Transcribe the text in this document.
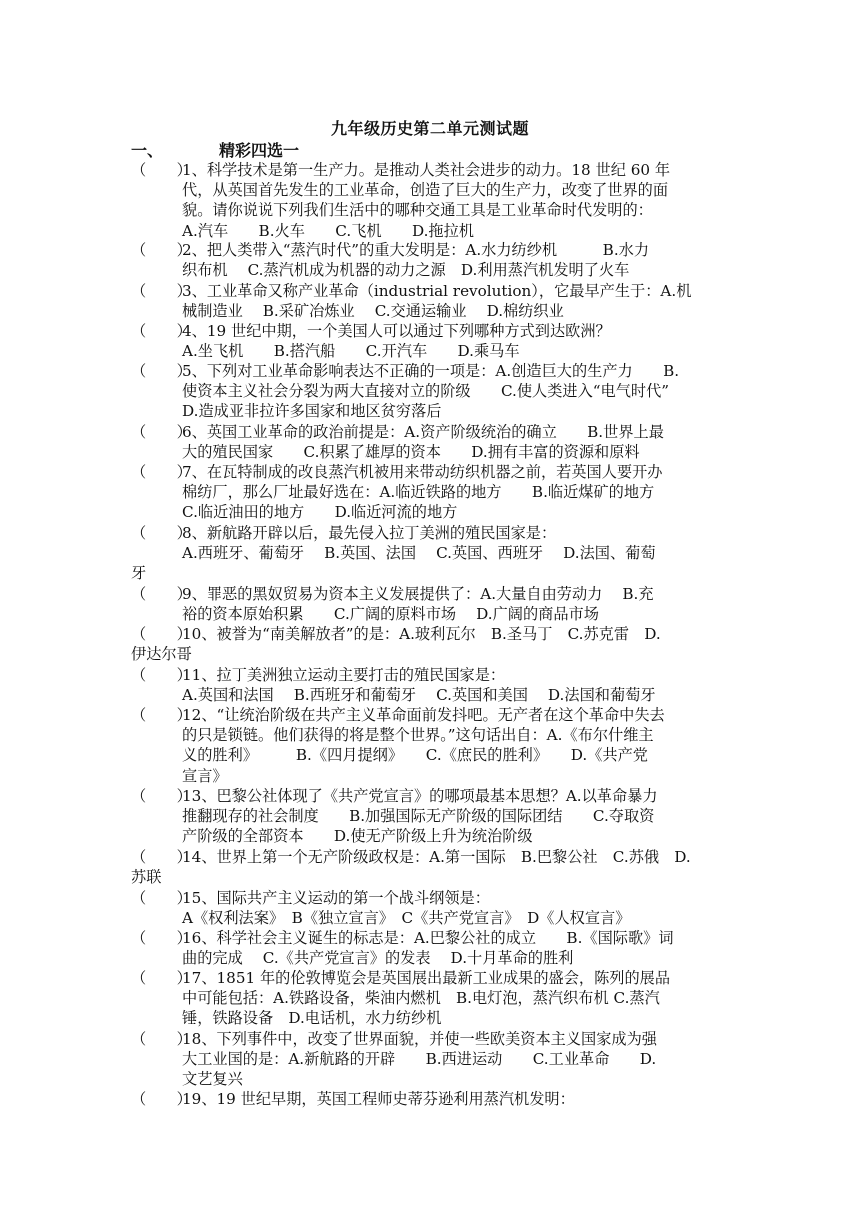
九年级历史第二单元测试题
一、	精彩四选一
（　　）1、科学技术是第一生产力。是推动人类社会进步的动力。18 世纪 60 年
代，从英国首先发生的工业革命，创造了巨大的生产力，改变了世界的面
貌。请你说说下列我们生活中的哪种交通工具是工业革命时代发明的：
A.汽车　　B.火车　　C.飞机　　D.拖拉机
（　　）2、把人类带入“蒸汽时代”的重大发明是：A.水力纺纱机　　　B.水力
织布机　 C.蒸汽机成为机器的动力之源　D.利用蒸汽机发明了火车
（　　）3、工业革命又称产业革命（industrial revolution），它最早产生于：A.机
械制造业　 B.采矿冶炼业　 C.交通运输业　 D.棉纺织业
（　　）4、19 世纪中期，一个美国人可以通过下列哪种方式到达欧洲？
A.坐飞机　　B.搭汽船　　C.开汽车　　D.乘马车
（　　）5、下列对工业革命影响表达不正确的一项是：A.创造巨大的生产力　　B.
使资本主义社会分裂为两大直接对立的阶级　　C.使人类进入“电气时代”
D.造成亚非拉许多国家和地区贫穷落后
（　　）6、英国工业革命的政治前提是：A.资产阶级统治的确立　　B.世界上最
大的殖民国家　　C.积累了雄厚的资本　　D.拥有丰富的资源和原料
（　　）7、在瓦特制成的改良蒸汽机被用来带动纺织机器之前，若英国人要开办
棉纺厂，那么厂址最好选在：A.临近铁路的地方　　B.临近煤矿的地方
C.临近油田的地方　　D.临近河流的地方
（　　）8、新航路开辟以后，最先侵入拉丁美洲的殖民国家是：
A.西班牙、葡萄牙　 B.英国、法国　 C.英国、西班牙　 D.法国、葡萄
牙
（　　）9、罪恶的黑奴贸易为资本主义发展提供了：A.大量自由劳动力　 B.充
裕的资本原始积累　　C.广阔的原料市场　 D.广阔的商品市场
（　　）10、被誉为“南美解放者”的是：A.玻利瓦尔　B.圣马丁　C.苏克雷　D.
伊达尔哥
（　　）11、拉丁美洲独立运动主要打击的殖民国家是：
A.英国和法国　 B.西班牙和葡萄牙　 C.英国和美国　 D.法国和葡萄牙
（　　）12、“让统治阶级在共产主义革命面前发抖吧。无产者在这个革命中失去
的只是锁链。他们获得的将是整个世界。”这句话出自：A.《布尔什维主
义的胜利》　　　B.《四月提纲》　　C.《庶民的胜利》　　D.《共产党
宣言》
（　　）13、巴黎公社体现了《共产党宣言》的哪项最基本思想？A.以革命暴力
推翻现存的社会制度　　B.加强国际无产阶级的国际团结　　C.夺取资
产阶级的全部资本　　D.使无产阶级上升为统治阶级
（　　）14、世界上第一个无产阶级政权是：A.第一国际　B.巴黎公社　C.苏俄　D.
苏联
（　　）15、国际共产主义运动的第一个战斗纲领是：
A《权利法案》　B《独立宣言》　C《共产党宣言》　D《人权宣言》
（　　）16、科学社会主义诞生的标志是：A.巴黎公社的成立　　B.《国际歌》词
曲的完成　 C.《共产党宣言》的发表　 D.十月革命的胜利
（　　）17、1851 年的伦敦博览会是英国展出最新工业成果的盛会，陈列的展品
中可能包括：A.铁路设备，柴油内燃机　B.电灯泡，蒸汽织布机 C.蒸汽
锤，铁路设备　D.电话机，水力纺纱机
（　　）18、下列事件中，改变了世界面貌，并使一些欧美资本主义国家成为强
大工业国的是：A.新航路的开辟　　B.西进运动　　C.工业革命　　D.
文艺复兴
（　　）19、19 世纪早期，英国工程师史蒂芬逊利用蒸汽机发明：
